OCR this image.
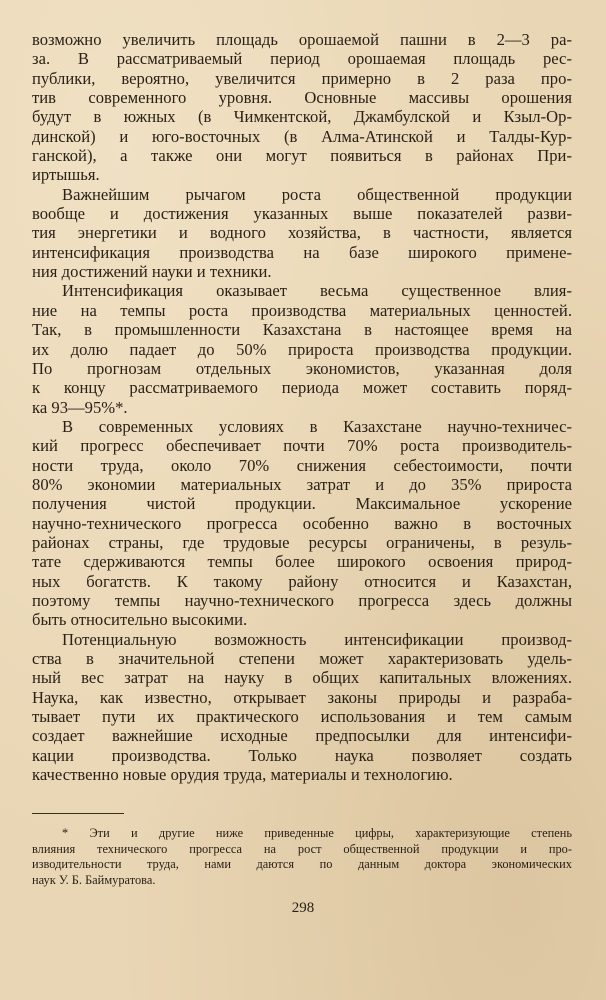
возможно увеличить площадь орошаемой пашни в 2—3 ра-
за. В рассматриваемый период орошаемая площадь рес-
публики, вероятно, увеличится примерно в 2 раза про-
тив современного уровня. Основные массивы орошения
будут в южных (в Чимкентской, Джамбулской и Кзыл-Ор-
динской) и юго-восточных (в Алма-Атинской и Талды-Кур-
ганской), а также они могут появиться в районах При-
иртышья.

Важнейшим рычагом роста общественной продукции
вообще и достижения указанных выше показателей разви-
тия энергетики и водного хозяйства, в частности, является
интенсификация производства на базе широкого примене-
ния достижений науки и техники.

Интенсификация оказывает весьма существенное влия-
ние на темпы роста производства материальных ценностей.
Так, в промышленности Казахстана в настоящее время на
их долю падает до 50% прироста производства продукции.
По прогнозам отдельных экономистов, указанная доля
к концу рассматриваемого периода может составить поряд-
ка 93—95%*.

В современных условиях в Казахстане научно-техничес-
кий прогресс обеспечивает почти 70% роста производитель-
ности труда, около 70% снижения себестоимости, почти
80% экономии материальных затрат и до 35% прироста
получения чистой продукции. Максимальное ускорение
научно-технического прогресса особенно важно в восточных
районах страны, где трудовые ресурсы ограничены, в резуль-
тате сдерживаются темпы более широкого освоения природ-
ных богатств. К такому району относится и Казахстан,
поэтому темпы научно-технического прогресса здесь должны
быть относительно высокими.

Потенциальную возможность интенсификации производ-
ства в значительной степени может характеризовать удель-
ный вес затрат на науку в общих капитальных вложениях.
Наука, как известно, открывает законы природы и разраба-
тывает пути их практического использования и тем самым
создает важнейшие исходные предпосылки для интенсифи-
кации производства. Только наука позволяет создать
качественно новые орудия труда, материалы и технологию.

* Эти и другие ниже приведенные цифры, характеризующие степень
влияния технического прогресса на рост общественной продукции и про-
изводительности труда, нами даются по данным доктора экономических
наук У. Б. Баймуратова.
298
